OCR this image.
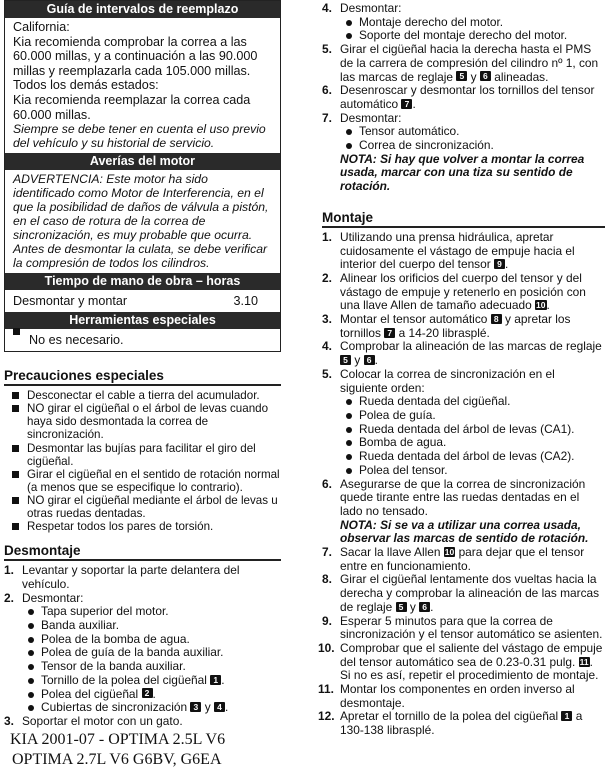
Guía de intervalos de reemplazo

California:

Kia recomienda comprobar la correa a las 60.000 millas, y a continuación a las 90.000 millas y reemplazarla cada 105.000 millas.

Todos los demás estados:

Kia recomienda reemplazar la correa cada 60.000 millas.

Siempre se debe tener en cuenta el uso previo del vehículo y su historial de servicio.

Averías del motor

ADVERTENCIA: Este motor ha sido identificado como Motor de Interferencia, en el que la posibilidad de daños de válvula a pistón, en el caso de rotura de la correa de sincronización, es muy probable que ocurra.

Antes de desmontar la culata, se debe verificar la compresión de todos los cilindros.

Tiempo de mano de obra – horas
Desmontar y montar	3.10
Herramientas especiales
No es necesario.
Precauciones especiales
Desconectar el cable a tierra del acumulador.
NO girar el cigüeñal o el árbol de levas cuando haya sido desmontada la correa de sincronización.
Desmontar las bujías para facilitar el giro del cigüeñal.
Girar el cigüeñal en el sentido de rotación normal (a menos que se especifique lo contrario).
NO girar el cigüeñal mediante el árbol de levas u otras ruedas dentadas.
Respetar todos los pares de torsión.
Desmontaje
1. Levantar y soportar la parte delantera del vehículo.
2. Desmontar:
Tapa superior del motor.
Banda auxiliar.
Polea de la bomba de agua.
Polea de guía de la banda auxiliar.
Tensor de la banda auxiliar.
Tornillo de la polea del cigüeñal 1 .
Polea del cigüeñal 2 .
Cubiertas de sincronización 3 y 4 .
3. Soportar el motor con un gato.
KIA 2001-07 - OPTIMA 2.5L V6
OPTIMA 2.7L V6 G6BV, G6EA
4. Desmontar:
Montaje derecho del motor.
Soporte del montaje derecho del motor.
5. Girar el cigüeñal hacia la derecha hasta el PMS de la carrera de compresión del cilindro nº 1, con las marcas de reglaje 5 y 6 alineadas.
6. Desenroscar y desmontar los tornillos del tensor automático 7 .
7. Desmontar:
Tensor automático.
Correa de sincronización.
NOTA: Si hay que volver a montar la correa usada, marcar con una tiza su sentido de rotación.
Montaje
1. Utilizando una prensa hidráulica, apretar cuidosamente el vástago de empuje hacia el interior del cuerpo del tensor 9 .
2. Alinear los orificios del cuerpo del tensor y del vástago de empuje y retenerlo en posición con una llave Allen de tamaño adecuado 10.
3. Montar el tensor automático 8 y apretar los tornillos 7 a 14-20 librasplé.
4. Comprobar la alineación de las marcas de reglaje 5 y 6 .
5. Colocar la correa de sincronización en el siguiente orden:
Rueda dentada del cigüeñal.
Polea de guía.
Rueda dentada del árbol de levas (CA1).
Bomba de agua.
Rueda dentada del árbol de levas (CA2).
Polea del tensor.
6. Asegurarse de que la correa de sincronización quede tirante entre las ruedas dentadas en el lado no tensado.
NOTA: Si se va a utilizar una correa usada, observar las marcas de sentido de rotación.
7. Sacar la llave Allen 10 para dejar que el tensor entre en funcionamiento.
8. Girar el cigüeñal lentamente dos vueltas hacia la derecha y comprobar la alineación de las marcas de reglaje 5 y 6 .
9. Esperar 5 minutos para que la correa de sincronización y el tensor automático se asienten.
10. Comprobar que el saliente del vástago de empuje del tensor automático sea de 0.23-0.31 pulg. 11. Si no es así, repetir el procedimiento de montaje.
11. Montar los componentes en orden inverso al desmontaje.
12. Apretar el tornillo de la polea del cigüeñal 1 a 130-138 librasplé.
